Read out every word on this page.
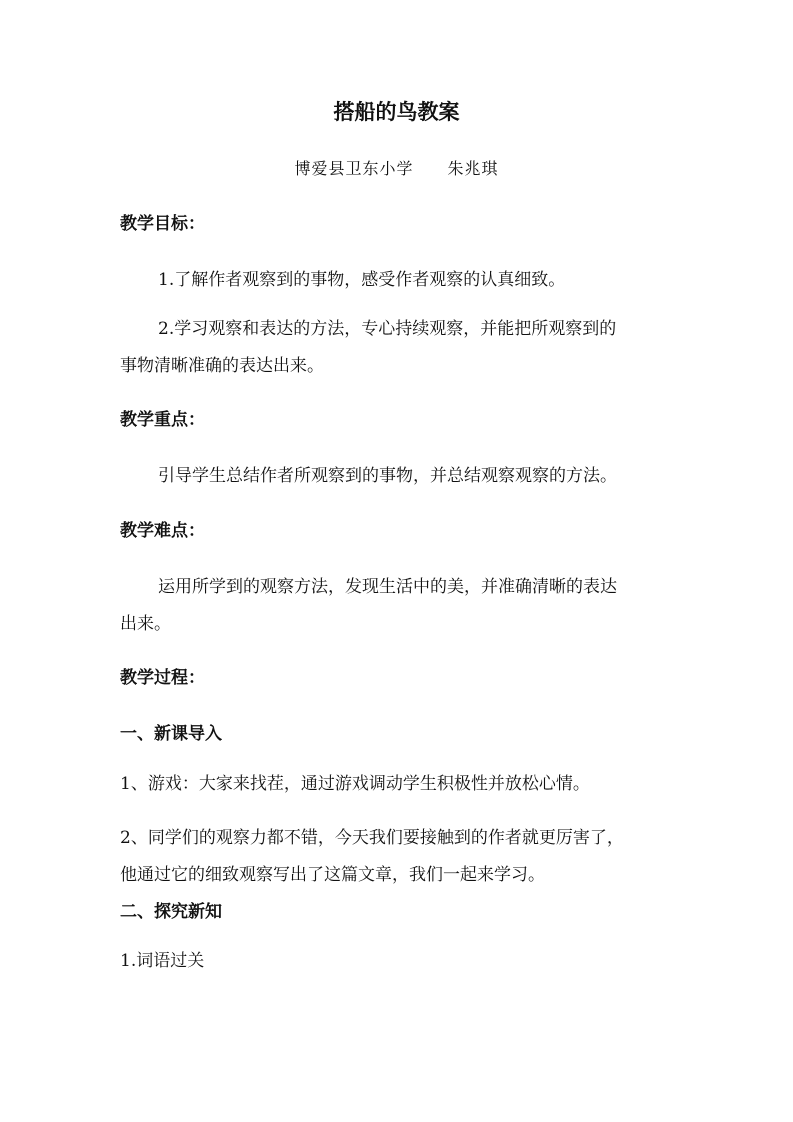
搭船的鸟教案
博爱县卫东小学 朱兆琪
教学目标：
1.了解作者观察到的事物，感受作者观察的认真细致。
2.学习观察和表达的方法，专心持续观察，并能把所观察到的
事物清晰准确的表达出来。
教学重点：
引导学生总结作者所观察到的事物，并总结观察观察的方法。
教学难点：
运用所学到的观察方法，发现生活中的美，并准确清晰的表达
出来。
教学过程：
一、新课导入
1、游戏：大家来找茬，通过游戏调动学生积极性并放松心情。
2、同学们的观察力都不错，今天我们要接触到的作者就更厉害了，
他通过它的细致观察写出了这篇文章，我们一起来学习。
二、探究新知
1.词语过关
